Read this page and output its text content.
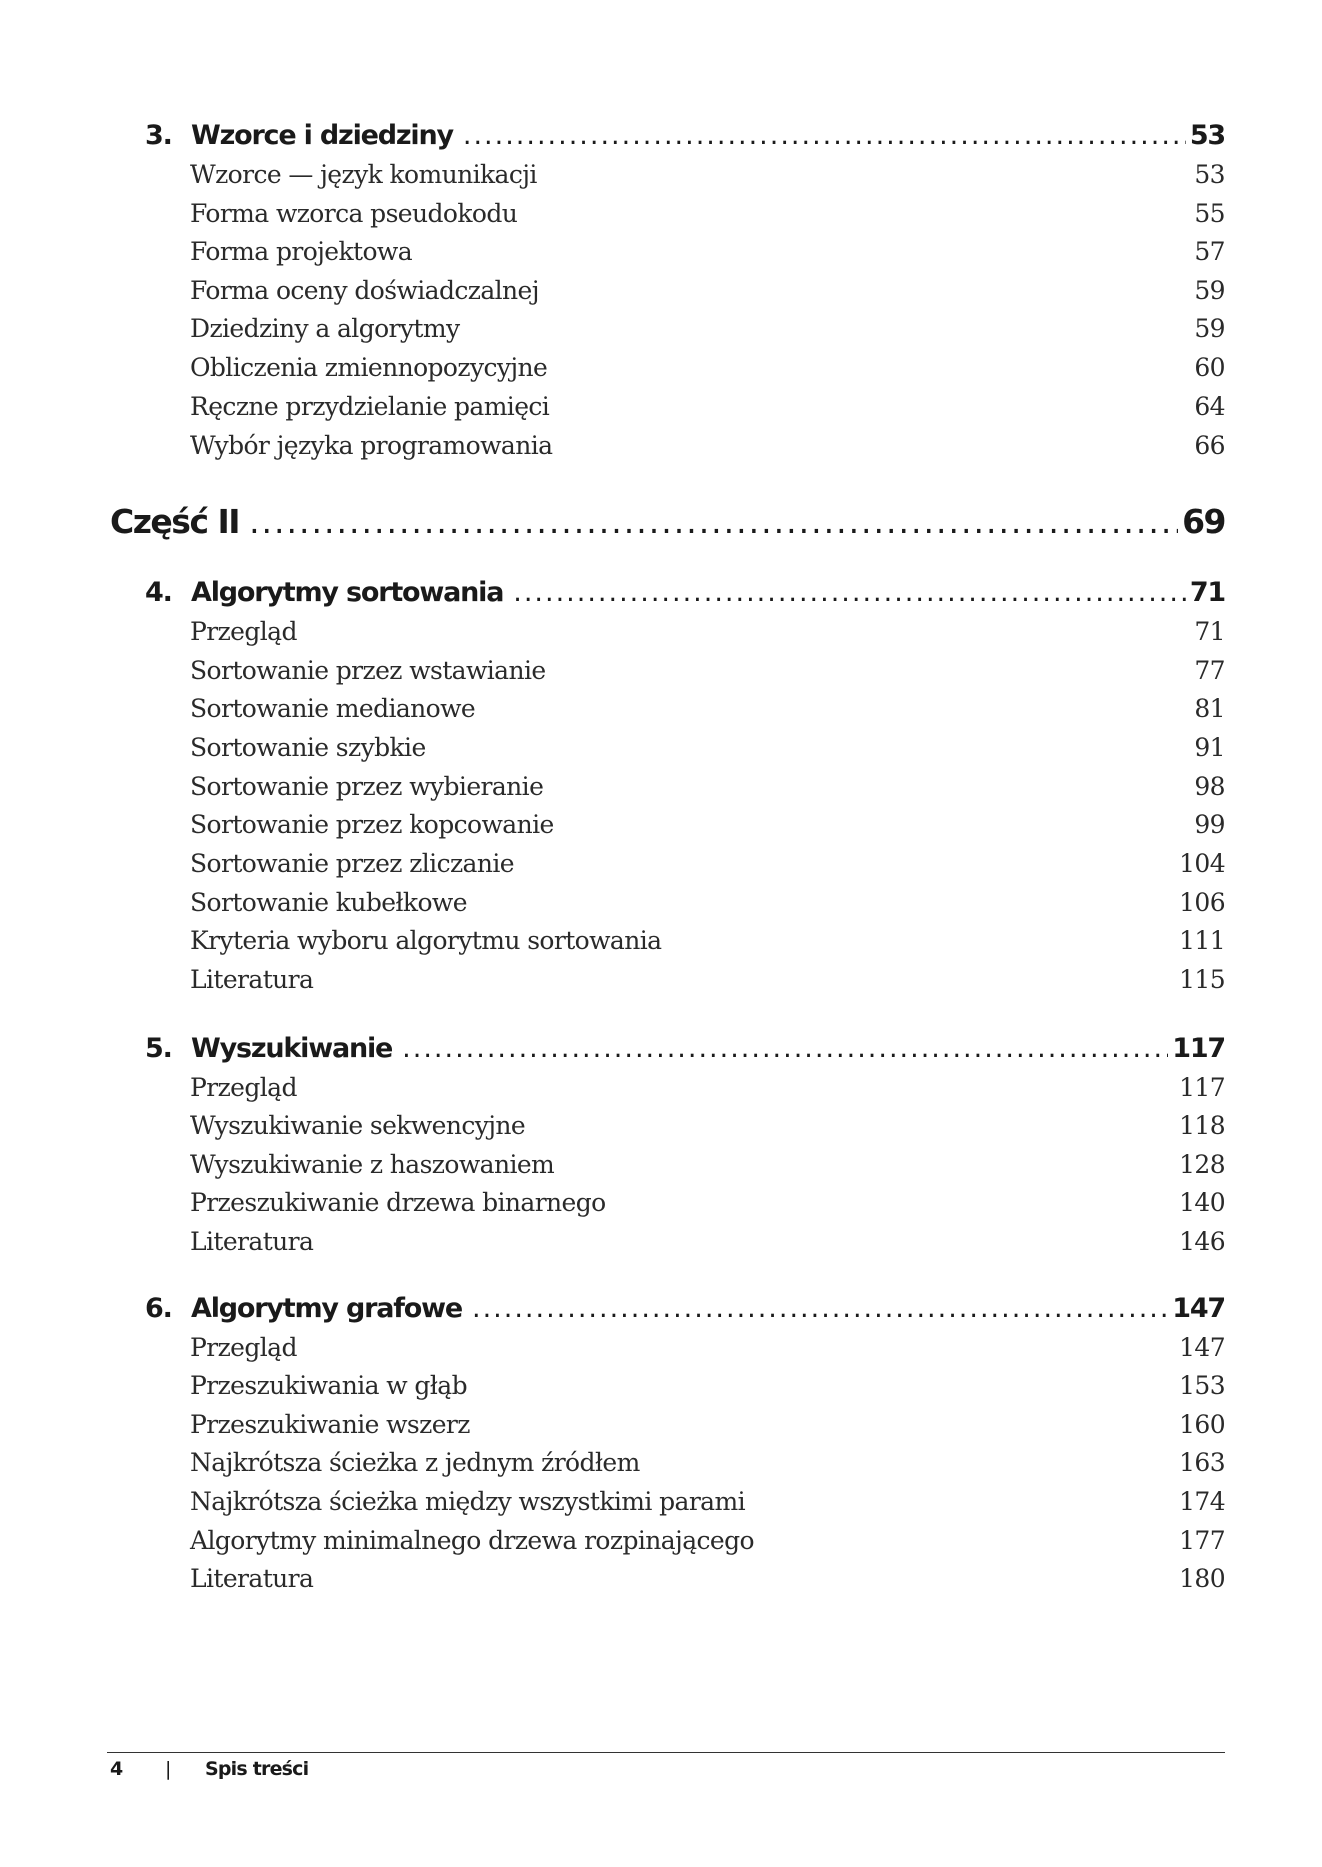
3. Wzorce i dziedziny .....	53
Wzorce — język komunikacji	53
Forma wzorca pseudokodu	55
Forma projektowa	57
Forma oceny doświadczalnej	59
Dziedziny a algorytmy	59
Obliczenia zmiennopozycyjne	60
Ręczne przydzielanie pamięci	64
Wybór języka programowania	66
Część II .....	69
4. Algorytmy sortowania .....	71
Przegląd	71
Sortowanie przez wstawianie	77
Sortowanie medianowe	81
Sortowanie szybkie	91
Sortowanie przez wybieranie	98
Sortowanie przez kopcowanie	99
Sortowanie przez zliczanie	104
Sortowanie kubełkowe	106
Kryteria wyboru algorytmu sortowania	111
Literatura	115
5. Wyszukiwanie .....	117
Przegląd	117
Wyszukiwanie sekwencyjne	118
Wyszukiwanie z haszowaniem	128
Przeszukiwanie drzewa binarnego	140
Literatura	146
6. Algorytmy grafowe .....	147
Przegląd	147
Przeszukiwania w głąb	153
Przeszukiwanie wszerz	160
Najkrótsza ścieżka z jednym źródłem	163
Najkrótsza ścieżka między wszystkimi parami	174
Algorytmy minimalnego drzewa rozpinającego	177
Literatura	180
4 | Spis treści
